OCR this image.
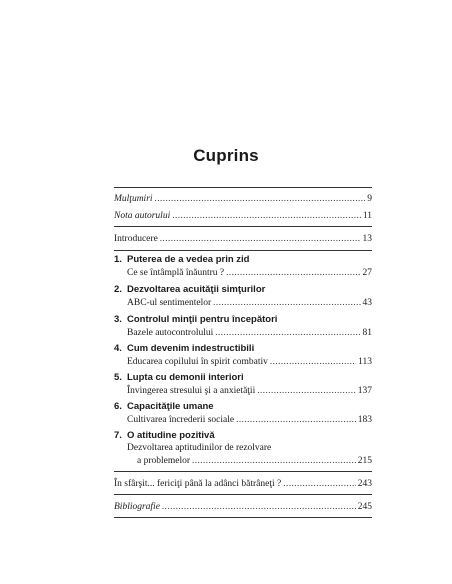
Cuprins
Mulţumiri .....	9
Nota autorului .....	11
Introducere .....	13
1. Puterea de a vedea prin zid
Ce se întâmplă înăuntru ? .....	27
2. Dezvoltarea acuităţii simţurilor
ABC-ul sentimentelor .....	43
3. Controlul minţii pentru începători
Bazele autocontrolului .....	81
4. Cum devenim indestructibili
Educarea copilului în spirit combativ .....	113
5. Lupta cu demonii interiori
Învingerea stresului şi a anxietăţii .....	137
6. Capacităţile umane
Cultivarea încrederii sociale .....	183
7. O atitudine pozitivă
Dezvoltarea aptitudinilor de rezolvare
a problemelor .....	215
În sfârşit... fericiţi până la adânci bătrâneţi ? .....	243
Bibliografie .....	245
